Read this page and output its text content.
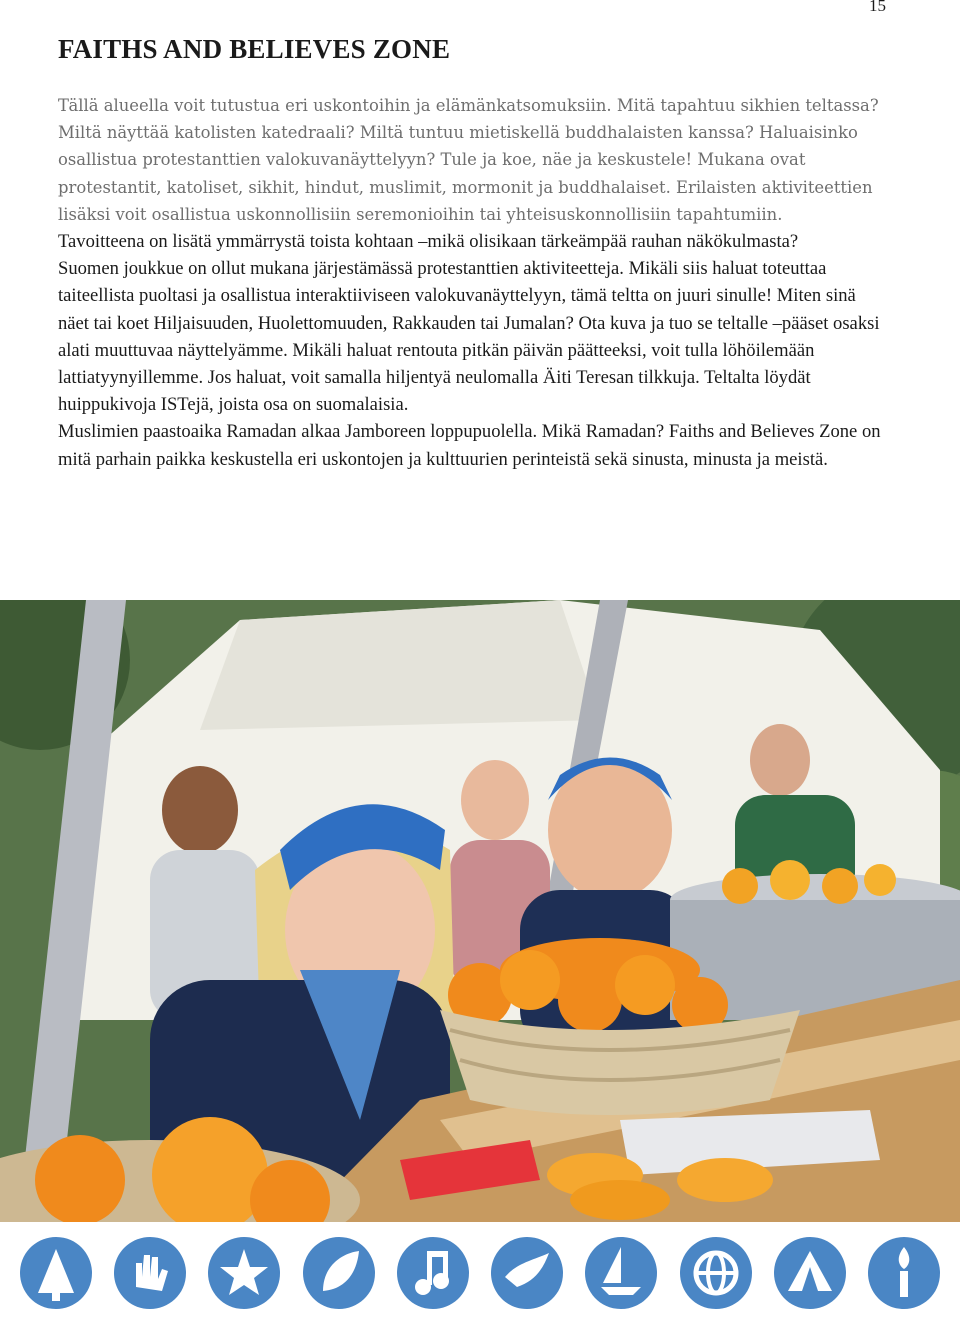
15
FAITHS AND BELIEVES ZONE

Tällä alueella voit tutustua eri uskontoihin ja elämänkatsomuksiin. Mitä tapahtuu sikhien teltassa? Miltä näyttää katolisten katedraali? Miltä tuntuu mietiskellä buddhalaisten kanssa? Haluaisinko osallistua protestanttien valokuvanäyttelyyn? Tule ja koe, näe ja keskustele! Mukana ovat protestantit, katoliset, sikhit, hindut, muslimit, mormonit ja buddhalaiset. Erilaisten aktiviteettien lisäksi voit osallistua uskonnollisiin seremonioihin tai yhteisuskonnollisiin tapahtumiin.

Tavoitteena on lisätä ymmärrystä toista kohtaan –mikä olisikaan tärkeämpää rauhan näkökulmasta?

Suomen joukkue on ollut mukana järjestämässä protestanttien aktiviteetteja. Mikäli siis haluat toteuttaa taiteellista puoltasi ja osallistua interaktiiviseen valokuvanäyttelyyn, tämä teltta on juuri sinulle! Miten sinä näet tai koet Hiljaisuuden, Huolettomuuden, Rakkauden tai Jumalan? Ota kuva ja tuo se teltalle –pääset osaksi alati muuttuvaa näyttelyämme. Mikäli haluat rentouta pitkän päivän päätteeksi, voit tulla löhöilemään lattiatyynyillemme. Jos haluat, voit samalla hiljentyä neulomalla Äiti Teresan tilkkuja. Teltalta löydät huippukivoja ISTejä, joista osa on suomalaisia.

Muslimien paastoaika Ramadan alkaa Jamboreen loppupuolella. Mikä Ramadan? Faiths and Believes Zone on mitä parhain paikka keskustella eri uskontojen ja kulttuurien perinteistä sekä sinusta, minusta ja meistä.
